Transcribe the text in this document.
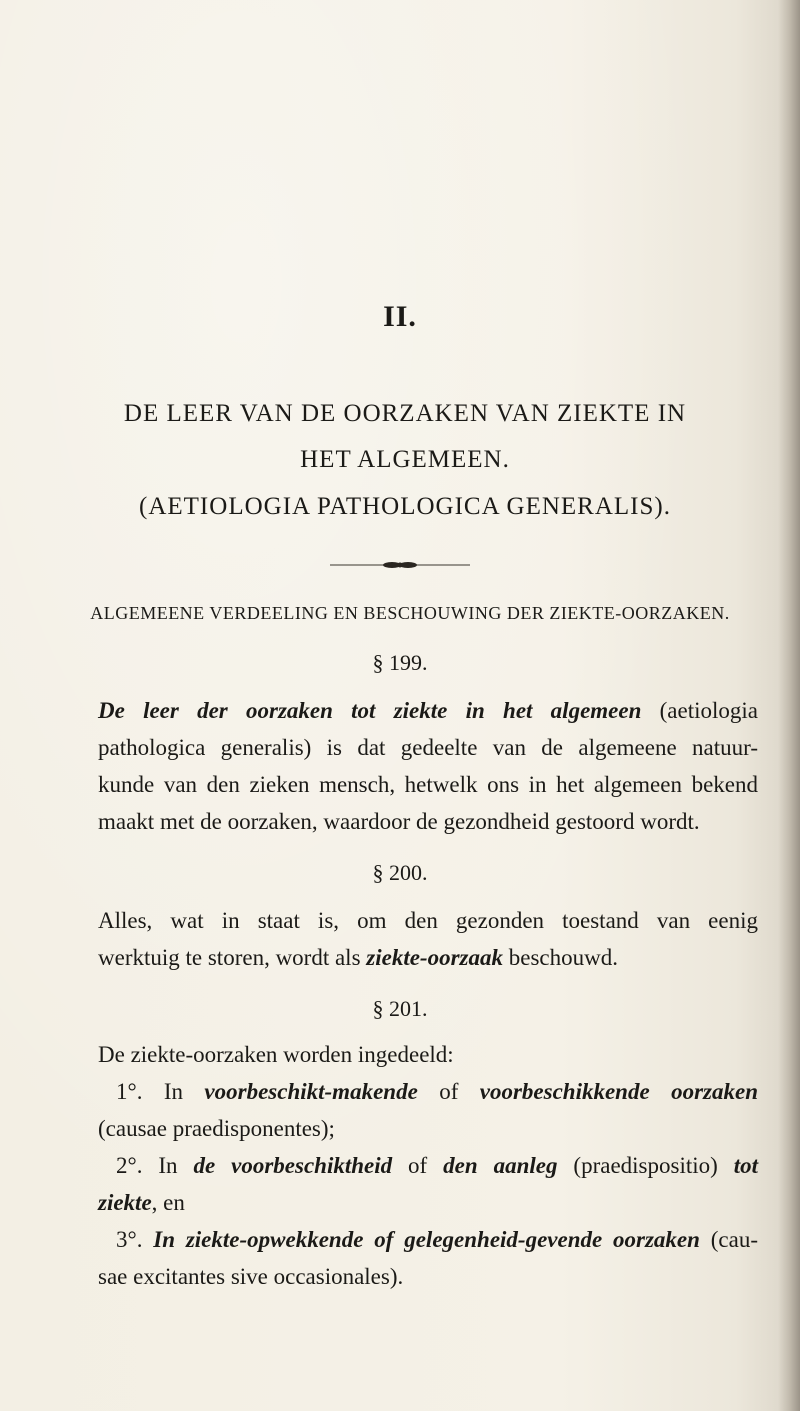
II.
DE LEER VAN DE OORZAKEN VAN ZIEKTE IN
HET ALGEMEEN.
(AETIOLOGIA PATHOLOGICA GENERALIS).
ALGEMEENE VERDEELING EN BESCHOUWING DER ZIEKTE-OORZAKEN.
§ 199.
De leer der oorzaken tot ziekte in het algemeen (aetiologia
pathologica generalis) is dat gedeelte van de algemeene natuur-
kunde van den zieken mensch, hetwelk ons in het algemeen bekend
maakt met de oorzaken, waardoor de gezondheid gestoord wordt.
§ 200.
Alles, wat in staat is, om den gezonden toestand van eenig
werktuig te storen, wordt als ziekte-oorzaak beschouwd.
§ 201.
De ziekte-oorzaken worden ingedeeld:
1°. In voorbeschikt-makende of voorbeschikkende oorzaken
(causae praedisponentes);
2°. In de voorbeschiktheid of den aanleg (praedispositio) tot
ziekte, en
3°. In ziekte-opwekkende of gelegenheid-gevende oorzaken (cau-
sae excitantes sive occasionales).
